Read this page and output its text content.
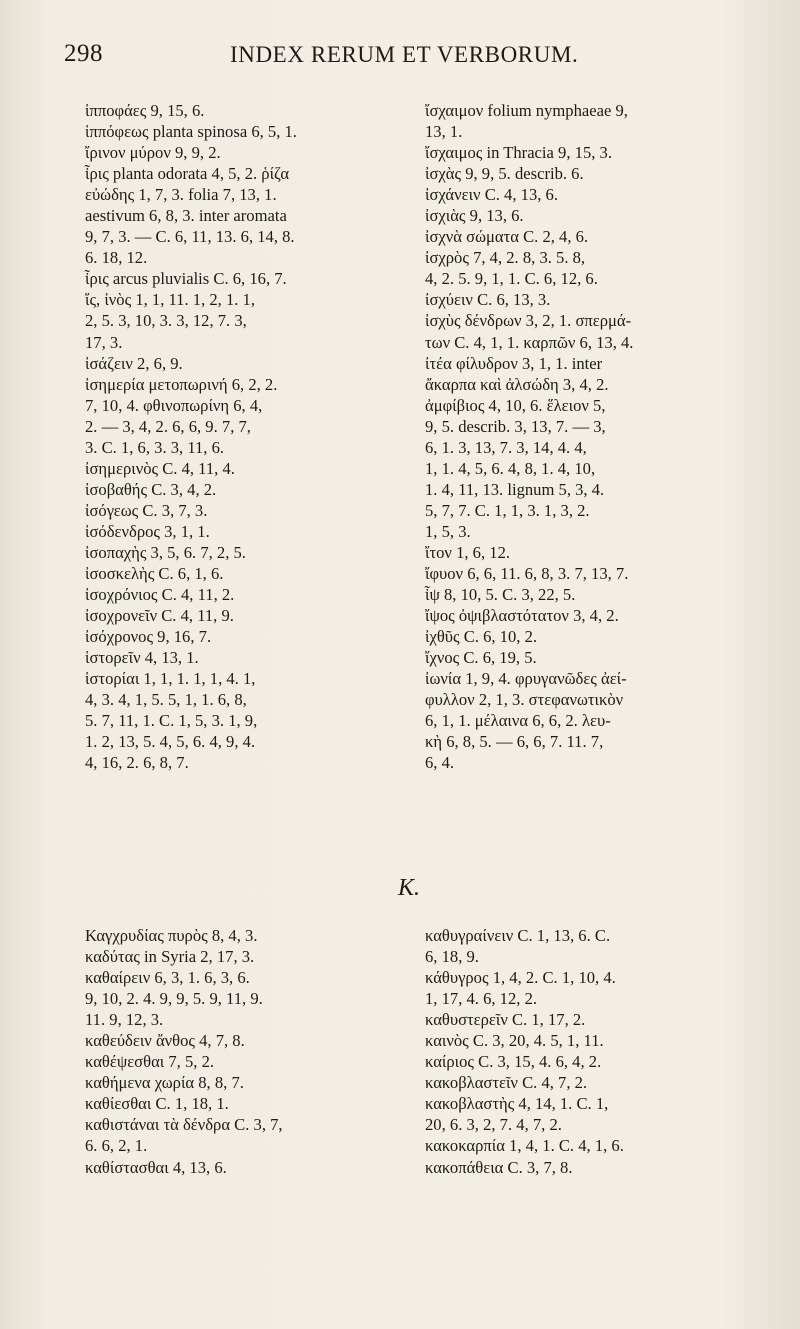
298	INDEX RERUM ET VERBORUM.
ἱπποφάες 9, 15, 6.
ἱππόφεως planta spinosa 6, 5, 1.
ἴρινον μύρον 9, 9, 2.
ἶρις planta odorata 4, 5, 2. ῥίζα
εὐώδης 1, 7, 3. folia 7, 13, 1.
aestivum 6, 8, 3. inter aromata
9, 7, 3. — C. 6, 11, 13. 6, 14, 8.
6. 18, 12.
ἶρις arcus pluvialis C. 6, 16, 7.
ἴς, ἰνὸς 1, 1, 11. 1, 2, 1. 1,
2, 5. 3, 10, 3. 3, 12, 7. 3,
17, 3.
ἰσάζειν 2, 6, 9.
ἰσημερία μετοπωρινή 6, 2, 2.
7, 10, 4. φθινοπωρίνη 6, 4,
2. — 3, 4, 2. 6, 6, 9. 7, 7,
3. C. 1, 6, 3. 3, 11, 6.
ἰσημερινὸς C. 4, 11, 4.
ἰσοβαθής C. 3, 4, 2.
ἰσόγεως C. 3, 7, 3.
ἰσόδενδρος 3, 1, 1.
ἰσοπαχὴς 3, 5, 6. 7, 2, 5.
ἰσοσκελὴς C. 6, 1, 6.
ἰσοχρόνιος C. 4, 11, 2.
ἰσοχρονεῖν C. 4, 11, 9.
ἰσόχρονος 9, 16, 7.
ἱστορεῖν 4, 13, 1.
ἱστορίαι 1, 1, 1. 1, 1, 4. 1,
4, 3. 4, 1, 5. 5, 1, 1. 6, 8,
5. 7, 11, 1. C. 1, 5, 3. 1, 9,
1. 2, 13, 5. 4, 5, 6. 4, 9, 4.
4, 16, 2. 6, 8, 7.
ἴσχαιμον folium nymphaeae 9,
13, 1.
ἴσχαιμος in Thracia 9, 15, 3.
ἰσχὰς 9, 9, 5. describ. 6.
ἰσχάνειν C. 4, 13, 6.
ἰσχιὰς 9, 13, 6.
ἰσχνὰ σώματα C. 2, 4, 6.
ἰσχρὸς 7, 4, 2. 8, 3. 5. 8,
4, 2. 5. 9, 1, 1. C. 6, 12, 6.
ἰσχύειν C. 6, 13, 3.
ἰσχὺς δένδρων 3, 2, 1. σπερμά-
των C. 4, 1, 1. καρπῶν 6, 13, 4.
ἰτέα φίλυδρον 3, 1, 1. inter
ἄκαρπα καὶ ἀλσώδη 3, 4, 2.
ἀμφίβιος 4, 10, 6. ἕλειον 5,
9, 5. describ. 3, 13, 7. — 3,
6, 1. 3, 13, 7. 3, 14, 4. 4,
1, 1. 4, 5, 6. 4, 8, 1. 4, 10,
1. 4, 11, 13. lignum 5, 3, 4.
5, 7, 7. C. 1, 1, 3. 1, 3, 2.
1, 5, 3.
ἴτον 1, 6, 12.
ἴφυον 6, 6, 11. 6, 8, 3. 7, 13, 7.
ἶψ 8, 10, 5. C. 3, 22, 5.
ἴψος ὀψιβλαστότατον 3, 4, 2.
ἰχθῦς C. 6, 10, 2.
ἴχνος C. 6, 19, 5.
ἰωνία 1, 9, 4. φρυγανῶδες ἀεί-
φυλλον 2, 1, 3. στεφανωτικὸν
6, 1, 1. μέλαινα 6, 6, 2. λευ-
κὴ 6, 8, 5. — 6, 6, 7. 11. 7,
6, 4.
K.
Καγχρυδίας πυρὸς 8, 4, 3.
καδύτας in Syria 2, 17, 3.
καθαίρειν 6, 3, 1. 6, 3, 6.
9, 10, 2. 4. 9, 9, 5. 9, 11, 9.
11. 9, 12, 3.
καθεύδειν ἄνθος 4, 7, 8.
καθέψεσθαι 7, 5, 2.
καθήμενα χωρία 8, 8, 7.
καθίεσθαι C. 1, 18, 1.
καθιστάναι τὰ δένδρα C. 3, 7,
6. 6, 2, 1.
καθίστασθαι 4, 13, 6.
καθυγραίνειν C. 1, 13, 6. C.
6, 18, 9.
κάθυγρος 1, 4, 2. C. 1, 10, 4.
1, 17, 4. 6, 12, 2.
καθυστερεῖν C. 1, 17, 2.
καινὸς C. 3, 20, 4. 5, 1, 11.
καίριος C. 3, 15, 4. 6, 4, 2.
κακοβλαστεῖν C. 4, 7, 2.
κακοβλαστὴς 4, 14, 1. C. 1,
20, 6. 3, 2, 7. 4, 7, 2.
κακοκαρπία 1, 4, 1. C. 4, 1, 6.
κακοπάθεια C. 3, 7, 8.
